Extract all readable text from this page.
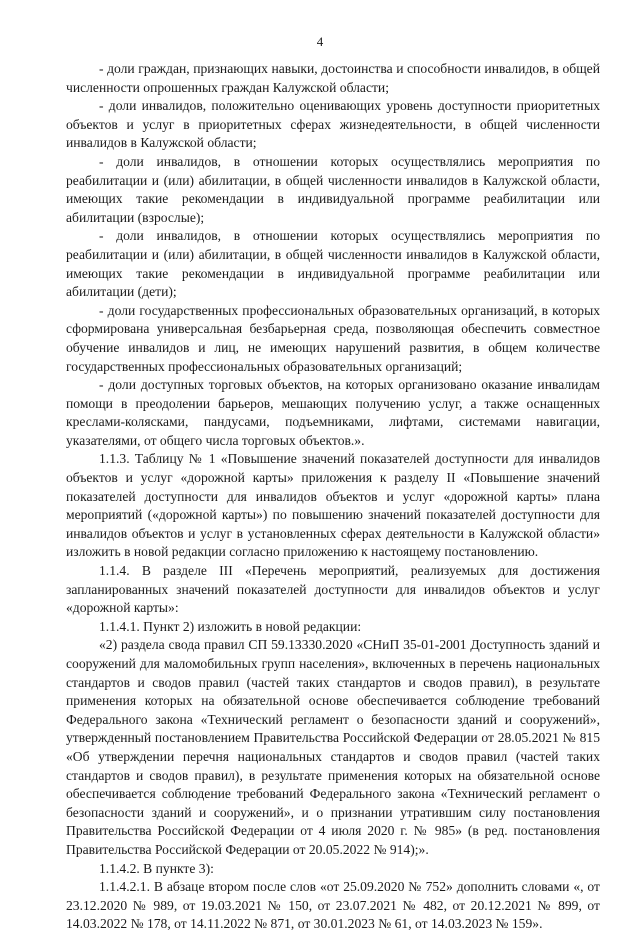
4

- доли граждан, признающих навыки, достоинства и способности инвалидов, в общей численности опрошенных граждан Калужской области;

- доли инвалидов, положительно оценивающих уровень доступности приоритетных объектов и услуг в приоритетных сферах жизнедеятельности, в общей численности инвалидов в Калужской области;

- доли инвалидов, в отношении которых осуществлялись мероприятия по реабилитации и (или) абилитации, в общей численности инвалидов в Калужской области, имеющих такие рекомендации в индивидуальной программе реабилитации или абилитации (взрослые);

- доли инвалидов, в отношении которых осуществлялись мероприятия по реабилитации и (или) абилитации, в общей численности инвалидов в Калужской области, имеющих такие рекомендации в индивидуальной программе реабилитации или абилитации (дети);

- доли государственных профессиональных образовательных организаций, в которых сформирована универсальная безбарьерная среда, позволяющая обеспечить совместное обучение инвалидов и лиц, не имеющих нарушений развития, в общем количестве государственных профессиональных образовательных организаций;

- доли доступных торговых объектов, на которых организовано оказание инвалидам помощи в преодолении барьеров, мешающих получению услуг, а также оснащенных креслами-колясками, пандусами, подъемниками, лифтами, системами навигации, указателями, от общего числа торговых объектов.».

1.1.3. Таблицу № 1 «Повышение значений показателей доступности для инвалидов объектов и услуг «дорожной карты» приложения к разделу II «Повышение значений показателей доступности для инвалидов объектов и услуг «дорожной карты» плана мероприятий («дорожной карты») по повышению значений показателей доступности для инвалидов объектов и услуг в установленных сферах деятельности в Калужской области» изложить в новой редакции согласно приложению к настоящему постановлению.

1.1.4. В разделе III «Перечень мероприятий, реализуемых для достижения запланированных значений показателей доступности для инвалидов объектов и услуг «дорожной карты»:

1.1.4.1. Пункт 2) изложить в новой редакции:

«2) раздела свода правил СП 59.13330.2020 «СНиП 35-01-2001 Доступность зданий и сооружений для маломобильных групп населения», включенных в перечень национальных стандартов и сводов правил (частей таких стандартов и сводов правил), в результате применения которых на обязательной основе обеспечивается соблюдение требований Федерального закона «Технический регламент о безопасности зданий и сооружений», утвержденный постановлением Правительства Российской Федерации от 28.05.2021 № 815 «Об утверждении перечня национальных стандартов и сводов правил (частей таких стандартов и сводов правил), в результате применения которых на обязательной основе обеспечивается соблюдение требований Федерального закона «Технический регламент о безопасности зданий и сооружений», и о признании утратившим силу постановления Правительства Российской Федерации от 4 июля 2020 г. № 985» (в ред. постановления Правительства Российской Федерации от 20.05.2022 № 914);».

1.1.4.2. В пункте 3):

1.1.4.2.1. В абзаце втором после слов «от 25.09.2020 № 752» дополнить словами «, от 23.12.2020 № 989, от 19.03.2021 № 150, от 23.07.2021 № 482, от 20.12.2021 № 899, от 14.03.2022 № 178, от 14.11.2022 № 871, от 30.01.2023 № 61, от 14.03.2023 № 159».
